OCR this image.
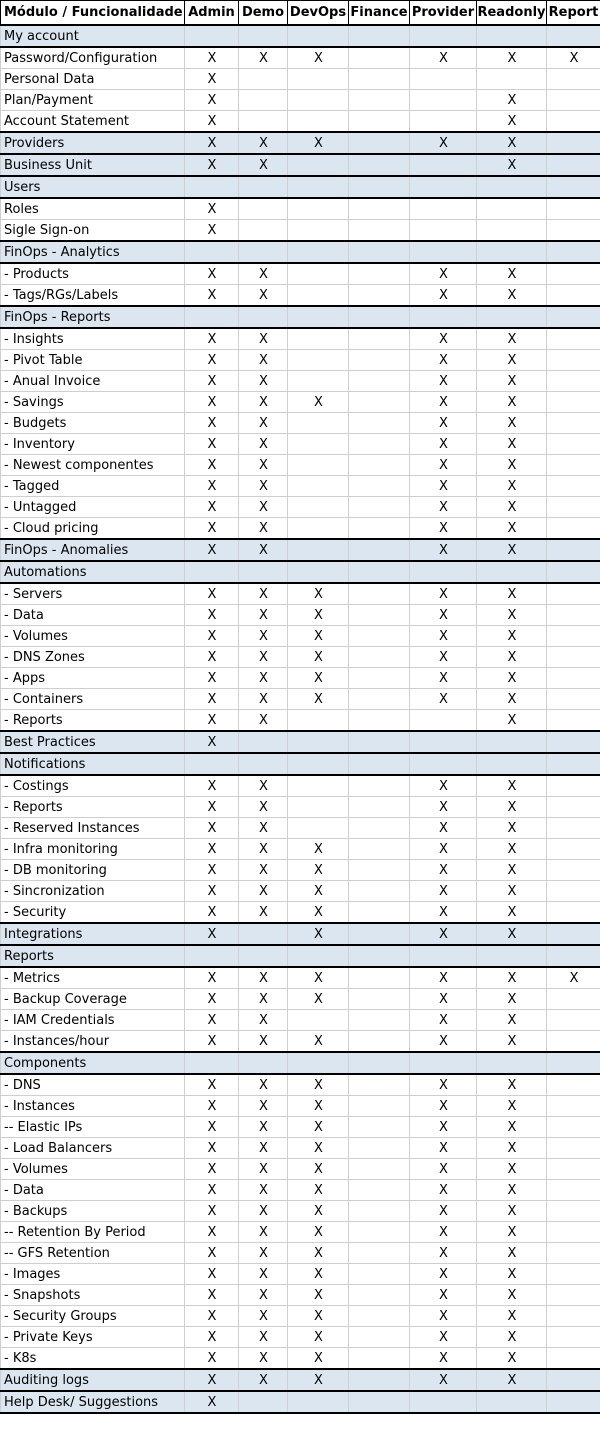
Módulo / Funcionalidade	Admin	Demo	DevOps	Finance	Provider	Readonly	Report
My account							
Password/Configuration	X	X	X		X	X	X
Personal Data	X						
Plan/Payment	X					X	
Account Statement	X					X	
Providers	X	X	X		X	X	
Business Unit	X	X				X	
Users							
Roles	X						
Sigle Sign-on	X						
FinOps - Analytics							
- Products	X	X			X	X	
- Tags/RGs/Labels	X	X			X	X	
FinOps - Reports							
- Insights	X	X			X	X	
- Pivot Table	X	X			X	X	
- Anual Invoice	X	X			X	X	
- Savings	X	X	X		X	X	
- Budgets	X	X			X	X	
- Inventory	X	X			X	X	
- Newest componentes	X	X			X	X	
- Tagged	X	X			X	X	
- Untagged	X	X			X	X	
- Cloud pricing	X	X			X	X	
FinOps - Anomalies	X	X			X	X	
Automations							
- Servers	X	X	X		X	X	
- Data	X	X	X		X	X	
- Volumes	X	X	X		X	X	
- DNS Zones	X	X	X		X	X	
- Apps	X	X	X		X	X	
- Containers	X	X	X		X	X	
- Reports	X	X				X	
Best Practices	X						
Notifications							
- Costings	X	X			X	X	
- Reports	X	X			X	X	
- Reserved Instances	X	X			X	X	
- Infra monitoring	X	X	X		X	X	
- DB monitoring	X	X	X		X	X	
- Sincronization	X	X	X		X	X	
- Security	X	X	X		X	X	
Integrations	X		X		X	X	
Reports							
- Metrics	X	X	X		X	X	X
- Backup Coverage	X	X	X		X	X	
- IAM Credentials	X	X			X	X	
- Instances/hour	X	X	X		X	X	
Components							
- DNS	X	X	X		X	X	
- Instances	X	X	X		X	X	
-- Elastic IPs	X	X	X		X	X	
- Load Balancers	X	X	X		X	X	
- Volumes	X	X	X		X	X	
- Data	X	X	X		X	X	
- Backups	X	X	X		X	X	
-- Retention By Period	X	X	X		X	X	
-- GFS Retention	X	X	X		X	X	
- Images	X	X	X		X	X	
- Snapshots	X	X	X		X	X	
- Security Groups	X	X	X		X	X	
- Private Keys	X	X	X		X	X	
- K8s	X	X	X		X	X	
Auditing logs	X	X	X		X	X	
Help Desk/ Suggestions	X						
